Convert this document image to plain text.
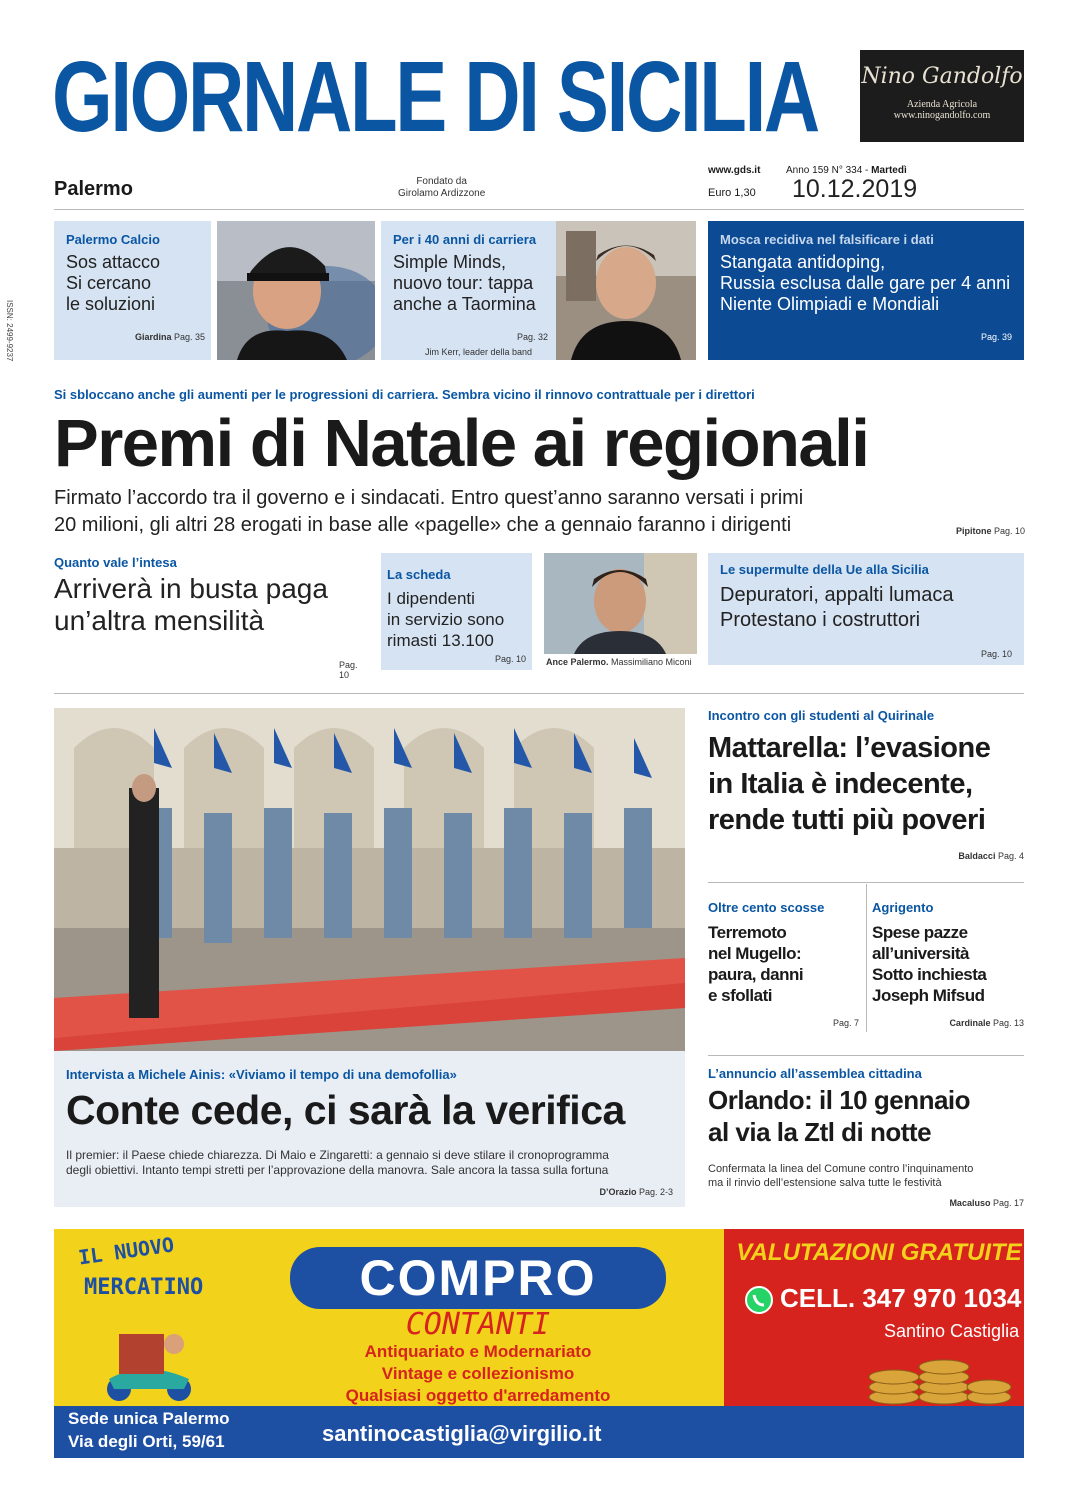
GIORNALE DI SICILIA Nino Gandolfo
Azienda Agricola
www.ninogandolfo.com
Palermo	Fondato da
Girolamo Ardizzone
www.gds.it
Euro 1,30
Anno 159 N° 334 - Martedì
10.12.2019
ISSN: 2499-9237
Palermo Calcio
Sos attacco
Si cercano
le soluzioni
Giardina Pag. 35
Per i 40 anni di carriera
Simple Minds,
nuovo tour: tappa
anche a Taormina
Pag. 32
Jim Kerr, leader della band
Mosca recidiva nel falsificare i dati
Stangata antidoping,
Russia esclusa dalle gare per 4 anni
Niente Olimpiadi e Mondiali
Pag. 39
Si sbloccano anche gli aumenti per le progressioni di carriera. Sembra vicino il rinnovo contrattuale per i direttori
Premi di Natale ai regionali
Firmato l’accordo tra il governo e i sindacati. Entro quest’anno saranno versati i primi
20 milioni, gli altri 28 erogati in base alle «pagelle» che a gennaio faranno i dirigenti	Pipitone Pag. 10
Arriverà in busta paga
un’altra mensilità
Pag. 10
Quanto vale l’intesa
La scheda
I dipendenti
in servizio sono
rimasti 13.100
Pag. 10 Ance Palermo. Massimiliano Miconi
Le supermulte della Ue alla Sicilia
Depuratori, appalti lumaca
Protestano i costruttori
Pag. 10
Intervista a Michele Ainis: «Viviamo il tempo di una demofollia»
Conte cede, ci sarà la verifica
Il premier: il Paese chiede chiarezza. Di Maio e Zingaretti: a gennaio si deve stilare il cronoprogramma
degli obiettivi. Intanto tempi stretti per l’approvazione della manovra. Sale ancora la tassa sulla fortuna
D’Orazio Pag. 2-3
Incontro con gli studenti al Quirinale
Mattarella: l’evasione
in Italia è indecente,
rende tutti più poveri
Baldacci Pag. 4
Oltre cento scosse
Terremoto
nel Mugello:
paura, danni
e sfollati
Pag. 7
Agrigento
Spese pazze
all’università
Sotto inchiesta
Joseph Mifsud
Cardinale Pag. 13
L’annuncio all’assemblea cittadina
Orlando: il 10 gennaio
al via la Ztl di notte
Confermata la linea del Comune contro l’inquinamento
ma il rinvio dell’estensione salva tutte le festività
Macaluso Pag. 17
IL NUOVO
MERCATINO	COMPRO
CONTANTI
Antiquariato e Modernariato
Vintage e collezionismo
Qualsiasi oggetto d'arredamento
VALUTAZIONI GRATUITE
CELL. 347 970 1034
Santino Castiglia
Sede unica Palermo
Via degli Orti, 59/61	santinocastiglia@virgilio.it
